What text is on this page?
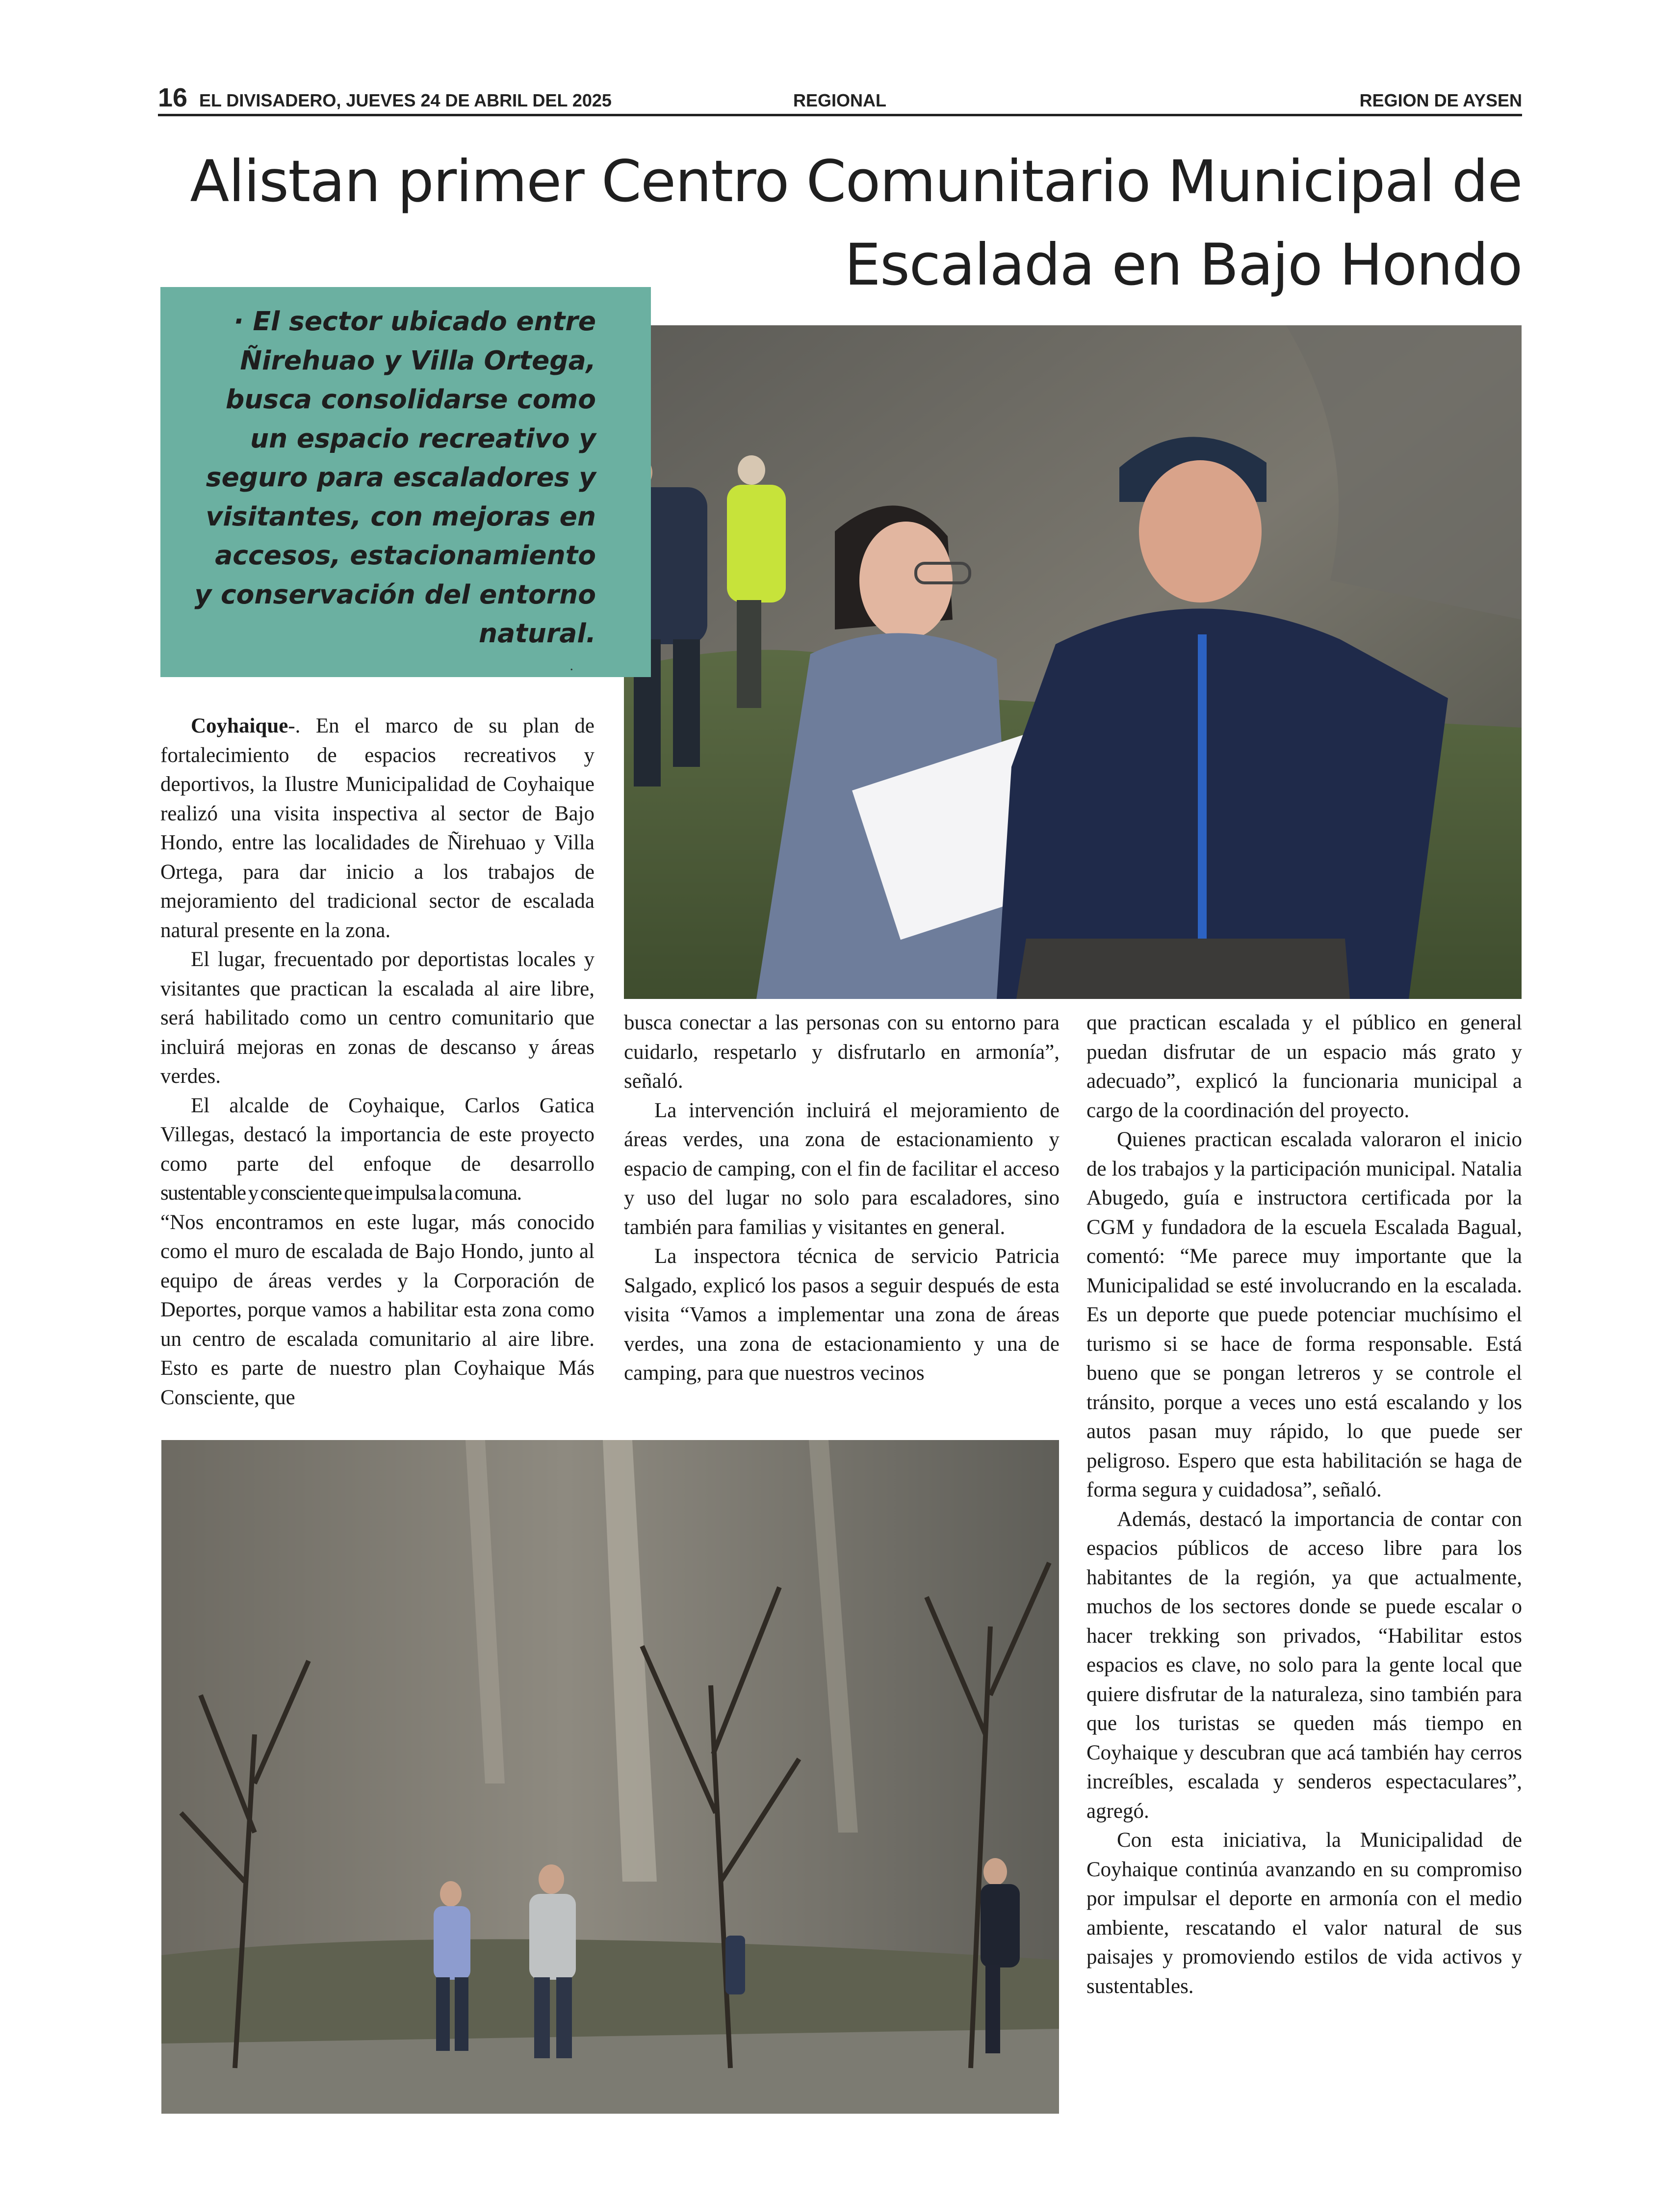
16 EL DIVISADERO, JUEVES 24 DE ABRIL DEL 2025	REGIONAL	REGION DE AYSEN
Alistan primer Centro Comunitario Municipal de
Escalada en Bajo Hondo
· El sector ubicado entre Ñirehuao y Villa Ortega, busca consolidarse como un espacio recreativo y seguro para escaladores y visitantes, con mejoras en accesos, estacionamiento y conservación del entorno natural.
.

Coyhaique-. En el marco de su plan de fortalecimiento de espacios recreativos y deportivos, la Ilustre Municipalidad de Coyhaique realizó una visita inspectiva al sector de Bajo Hondo, entre las localidades de Ñirehuao y Villa Ortega, para dar inicio a los trabajos de mejoramiento del tradicional sector de escalada natural presente en la zona.

El lugar, frecuentado por deportistas locales y visitantes que practican la escalada al aire libre, será habilitado como un centro comunitario que incluirá mejoras en zonas de descanso y áreas verdes.

El alcalde de Coyhaique, Carlos Gatica Villegas, destacó la importancia de este proyecto como parte del enfoque de desarrollo sustentable y consciente que impulsa la comuna.

“Nos encontramos en este lugar, más conocido como el muro de escalada de Bajo Hondo, junto al equipo de áreas verdes y la Corporación de Deportes, porque vamos a habilitar esta zona como un centro de escalada comunitario al aire libre. Esto es parte de nuestro plan Coyhaique Más Consciente, que

busca conectar a las personas con su entorno para cuidarlo, respetarlo y disfrutarlo en armonía”, señaló.

La intervención incluirá el mejoramiento de áreas verdes, una zona de estacionamiento y espacio de camping, con el fin de facilitar el acceso y uso del lugar no solo para escaladores, sino también para familias y visitantes en general.

La inspectora técnica de servicio Patricia Salgado, explicó los pasos a seguir después de esta visita “Vamos a implementar una zona de áreas verdes, una zona de estacionamiento y una de camping, para que nuestros vecinos

que practican escalada y el público en general puedan disfrutar de un espacio más grato y adecuado”, explicó la funcionaria municipal a cargo de la coordinación del proyecto.

Quienes practican escalada valoraron el inicio de los trabajos y la participación municipal. Natalia Abugedo, guía e instructora certificada por la CGM y fundadora de la escuela Escalada Bagual, comentó: “Me parece muy importante que la Municipalidad se esté involucrando en la escalada. Es un deporte que puede potenciar muchísimo el turismo si se hace de forma responsable. Está bueno que se pongan letreros y se controle el tránsito, porque a veces uno está escalando y los autos pasan muy rápido, lo que puede ser peligroso. Espero que esta habilitación se haga de forma segura y cuidadosa”, señaló.

Además, destacó la importancia de contar con espacios públicos de acceso libre para los habitantes de la región, ya que actualmente, muchos de los sectores donde se puede escalar o hacer trekking son privados, “Habilitar estos espacios es clave, no solo para la gente local que quiere disfrutar de la naturaleza, sino también para que los turistas se queden más tiempo en Coyhaique y descubran que acá también hay cerros increíbles, escalada y senderos espectaculares”, agregó.

Con esta iniciativa, la Municipalidad de Coyhaique continúa avanzando en su compromiso por impulsar el deporte en armonía con el medio ambiente, rescatando el valor natural de sus paisajes y promoviendo estilos de vida activos y sustentables.
